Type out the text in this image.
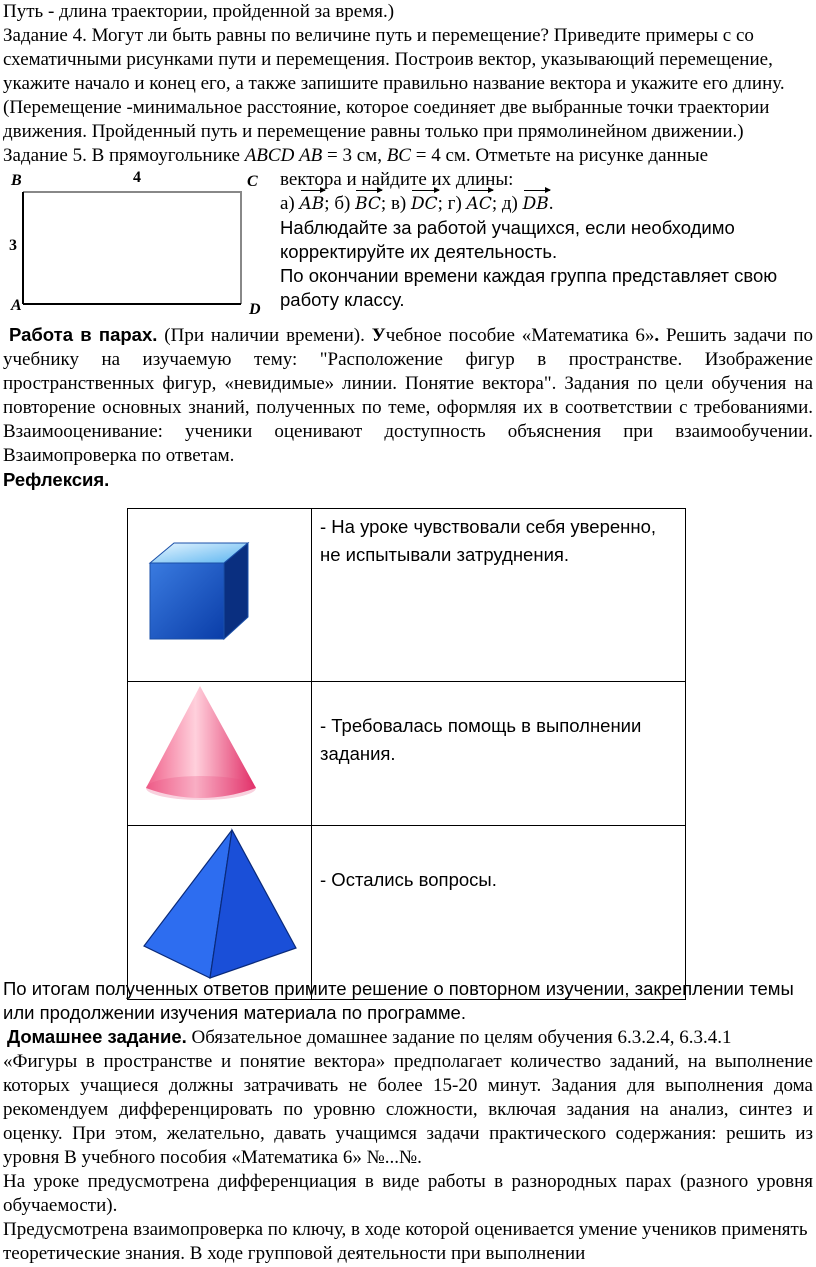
Путь - длина траектории, пройденной за время.)

Задание 4. Могут ли быть равны по величине путь и перемещение? Приведите примеры с со схематичными рисунками пути и перемещения. Построив вектор, указывающий перемещение, укажите начало и конец его, а также запишите правильно название вектора и укажите его длину. (Перемещение -минимальное расстояние, которое соединяет две выбранные точки траектории движения. Пройденный путь и перемещение равны только при прямолинейном движении.)

Задание 5. В прямоугольнике ABCD AB = 3 см, BC = 4 см. Отметьте на рисунке данные

B	4	C
3
A	D

вектора и найдите их длины:

а) AB; б) BC; в) DC; г) AC; д) DB.

Наблюдайте за работой учащихся, если необходимо корректируйте их деятельность.

По окончании времени каждая группа представляет свою работу классу.

Работа в парах. (При наличии времени). Учебное пособие «Математика 6». Решить задачи по учебнику на изучаемую тему: "Расположение фигур в пространстве. Изображение пространственных фигур, «невидимые» линии. Понятие вектора". Задания по цели обучения на повторение основных знаний, полученных по теме, оформляя их в соответствии с требованиями. Взаимооценивание: ученики оценивают доступность объяснения при взаимообучении. Взаимопроверка по ответам.

Рефлексия.

- На уроке чувствовали себя уверенно, не испытывали затруднения.

- Требовалась помощь в выполнении задания.

- Остались вопросы.

По итогам полученных ответов примите решение о повторном изучении, закреплении темы или продолжении изучения материала по программе.

Домашнее задание. Обязательное домашнее задание по целям обучения 6.3.2.4, 6.3.4.1

«Фигуры в пространстве и понятие вектора» предполагает количество заданий, на выполнение которых учащиеся должны затрачивать не более 15-20 минут. Задания для выполнения дома рекомендуем дифференцировать по уровню сложности, включая задания на анализ, синтез и оценку. При этом, желательно, давать учащимся задачи практического содержания: решить из уровня В учебного пособия «Математика 6» №...№.

На уроке предусмотрена дифференциация в виде работы в разнородных парах (разного уровня обучаемости).

Предусмотрена взаимопроверка по ключу, в ходе которой оценивается умение учеников применять теоретические знания. В ходе групповой деятельности при выполнении
